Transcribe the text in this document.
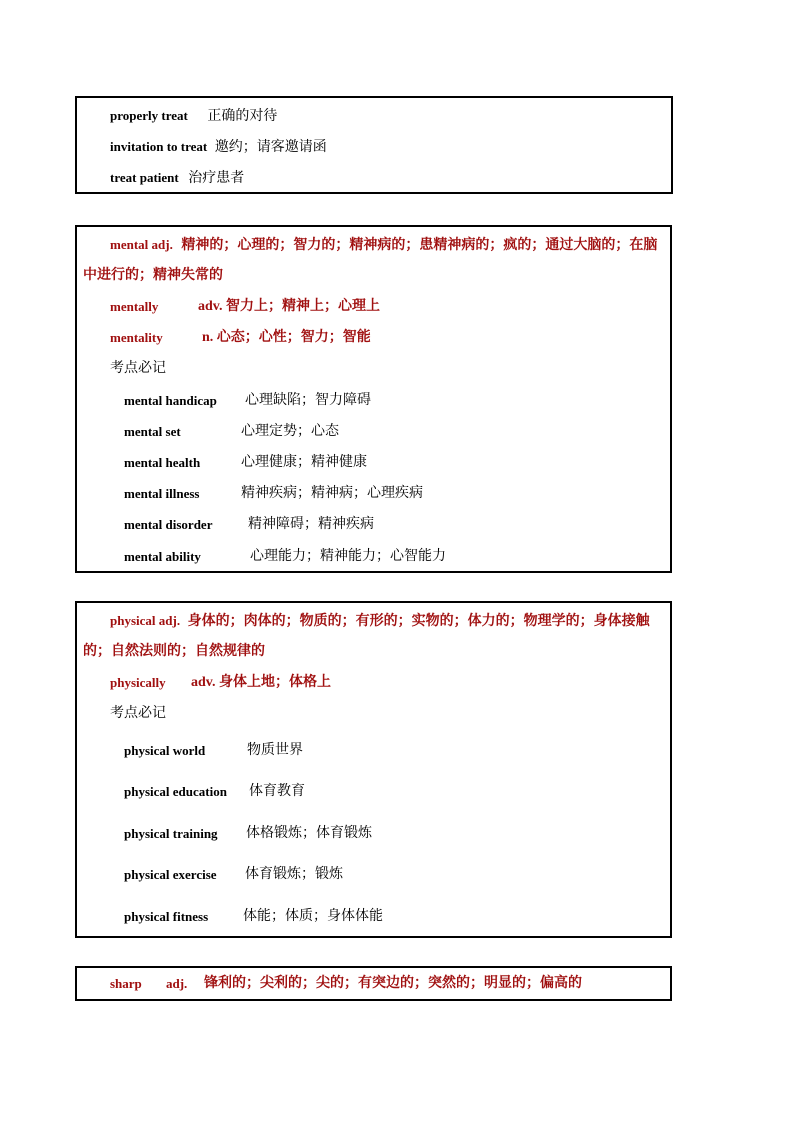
properly treat 正确的对待
invitation to treat 邀约；请客邀请函
treat patient 治疗患者
mental adj. 精神的；心理的；智力的；精神病的；患精神病的；疯的；通过大脑的；在脑
中进行的；精神失常的
mentally	adv. 智力上；精神上；心理上
mentality	n. 心态；心性；智力；智能
考点必记
mental handicap 心理缺陷；智力障碍
mental set	心理定势；心态
mental health	心理健康；精神健康
mental illness	精神疾病；精神病；心理疾病
mental disorder	精神障碍；精神疾病
mental ability	心理能力；精神能力；心智能力
physical adj. 身体的；肉体的；物质的；有形的；实物的；体力的；物理学的；身体接触
的；自然法则的；自然规律的
physically adv. 身体上地；体格上
考点必记
physical world	物质世界
physical education 体育教育
physical training 体格锻炼；体育锻炼
physical exercise 体育锻炼；锻炼
physical fitness 体能；体质；身体体能
sharp adj. 锋利的；尖利的；尖的；有突边的；突然的；明显的；偏高的
